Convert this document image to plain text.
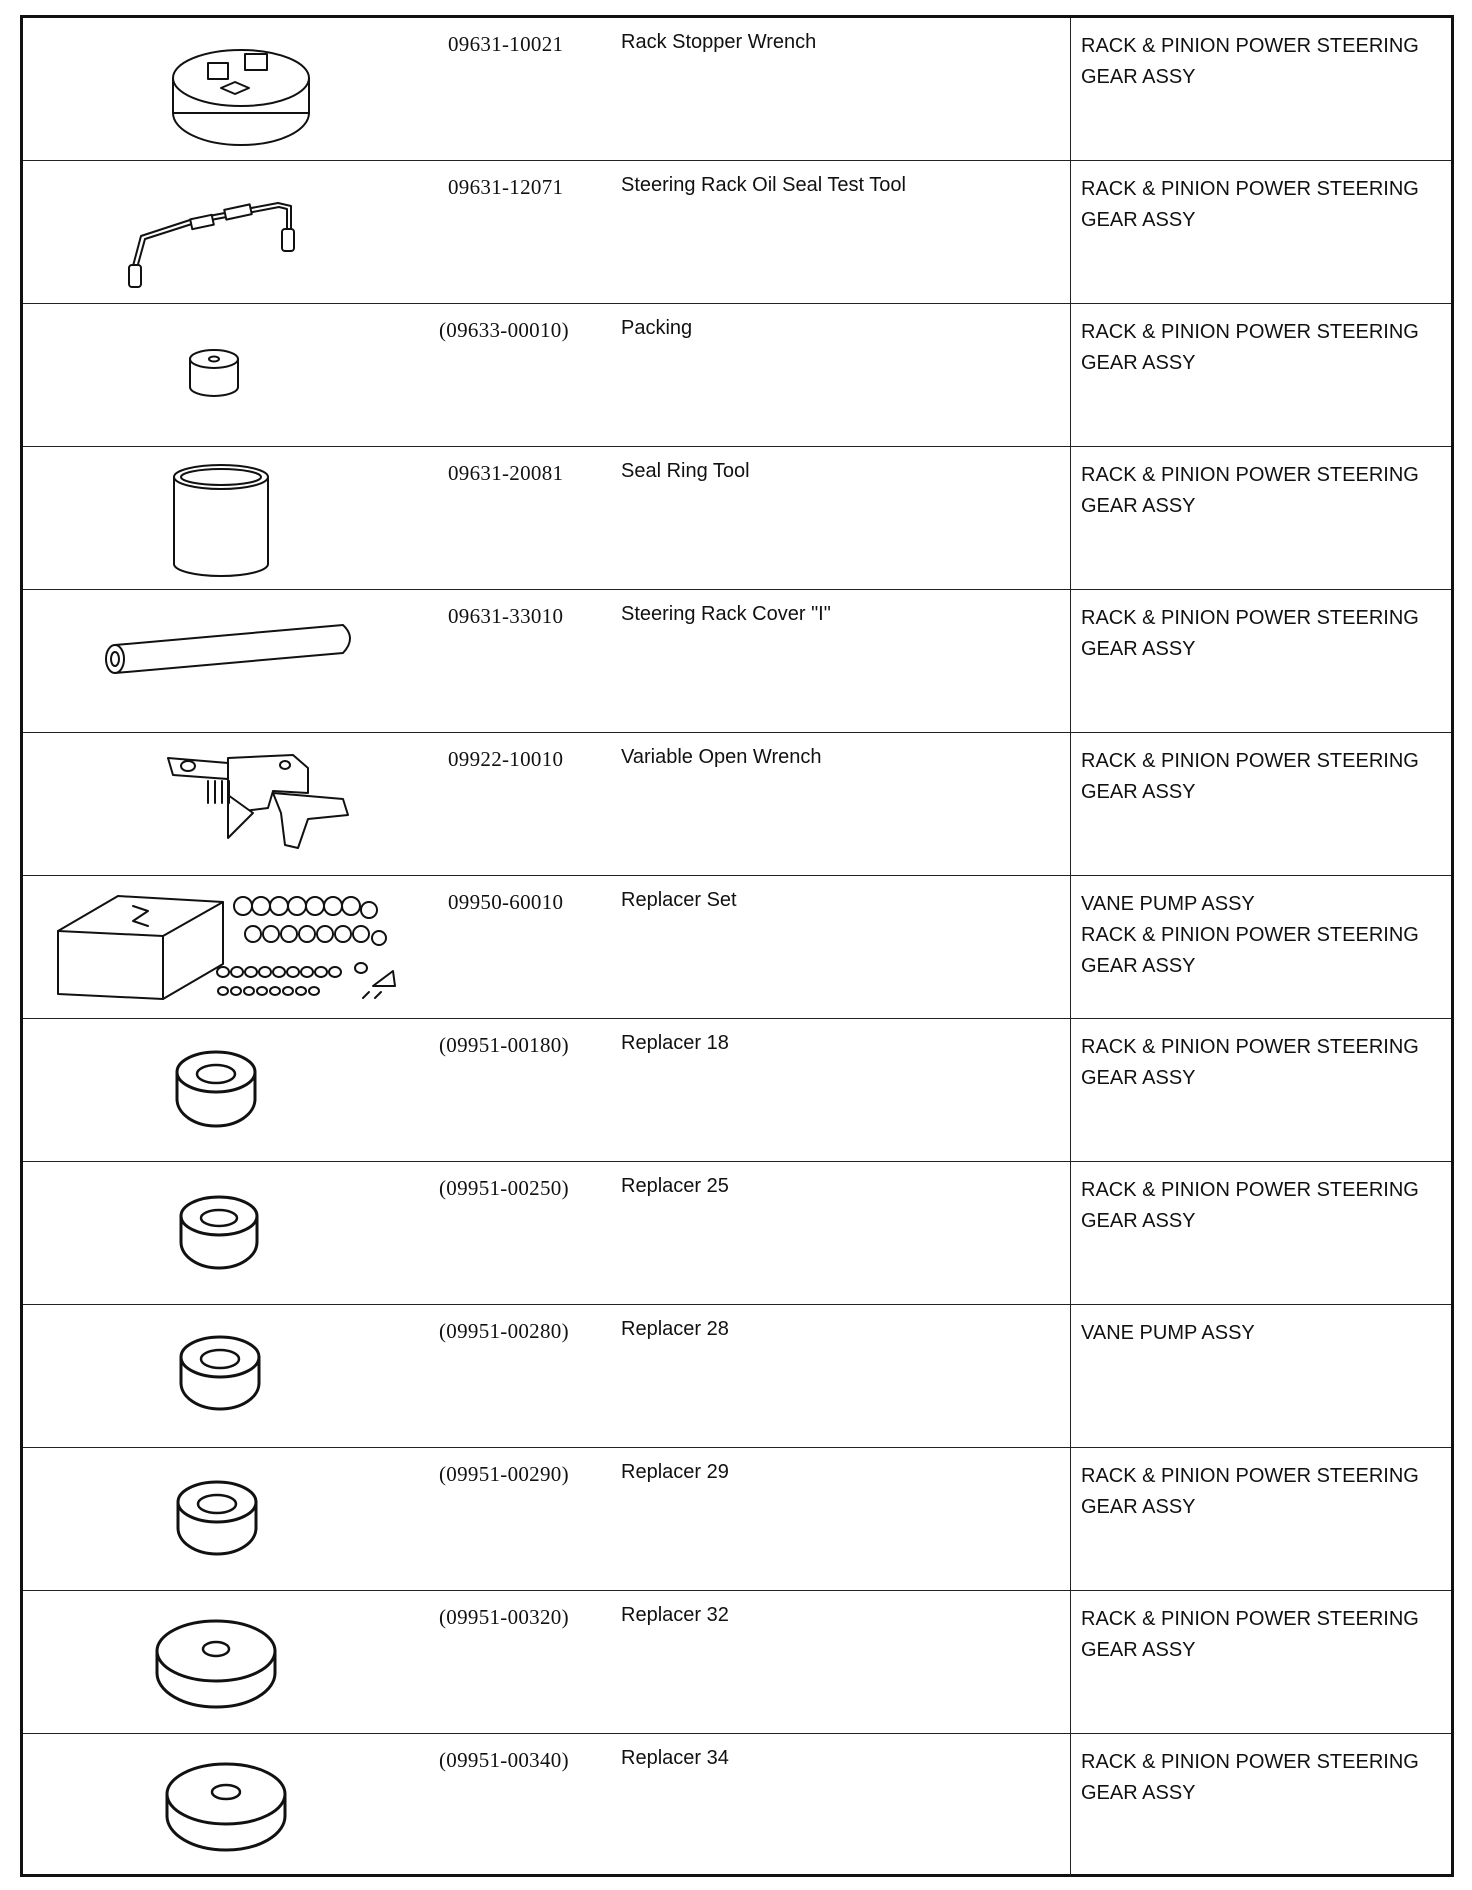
09631-10021	Rack Stopper Wrench	RACK & PINION POWER STEERING
GEAR ASSY
09631-12071	Steering Rack Oil Seal Test Tool	RACK & PINION POWER STEERING
GEAR ASSY
(09633-00010)	Packing	RACK & PINION POWER STEERING
GEAR ASSY
09631-20081	Seal Ring Tool	RACK & PINION POWER STEERING
GEAR ASSY
09631-33010	Steering Rack Cover "I"	RACK & PINION POWER STEERING
GEAR ASSY
09922-10010	Variable Open Wrench	RACK & PINION POWER STEERING
GEAR ASSY
09950-60010	Replacer Set	VANE PUMP ASSY
RACK & PINION POWER STEERING
GEAR ASSY
(09951-00180)	Replacer 18	RACK & PINION POWER STEERING
GEAR ASSY
(09951-00250)	Replacer 25	RACK & PINION POWER STEERING
GEAR ASSY
(09951-00280)	Replacer 28	VANE PUMP ASSY
(09951-00290)	Replacer 29	RACK & PINION POWER STEERING
GEAR ASSY
(09951-00320)	Replacer 32	RACK & PINION POWER STEERING
GEAR ASSY
(09951-00340)	Replacer 34	RACK & PINION POWER STEERING
GEAR ASSY
